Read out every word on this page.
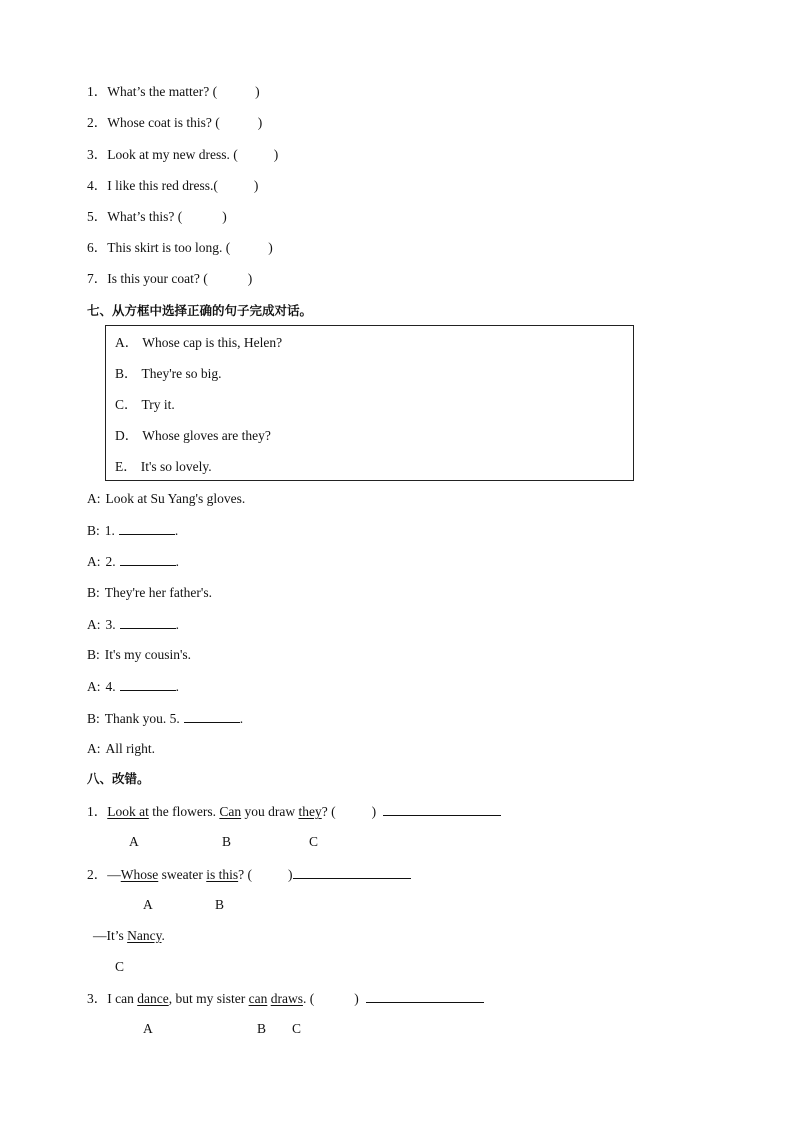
1．What’s the matter? (	)
2．Whose coat is this? (	)
3．Look at my new dress. (	)
4．I like this red dress.(	)
5．What’s this? (	)
6．This skirt is too long. (	)
7．Is this your coat? (	)
七、从方框中选择正确的句子完成对话。
A． Whose cap is this, Helen?
B． They're so big.
C． Try it.
D． Whose gloves are they?
E． It's so lovely.
A: Look at Su Yang's gloves.
B: 1.	.
A: 2.	.
B: They're her father's.
A: 3.	.
B: It's my cousin's.
A: 4.	.
B: Thank you. 5.	.
A: All right.
八、改错。
1．Look at the flowers. Can you draw they? (	)
A	B	C
2．—Whose sweater is this? (	)
A	B
—It’s Nancy.
C
3．I can dance, but my sister can draws. (	)
A	B C
